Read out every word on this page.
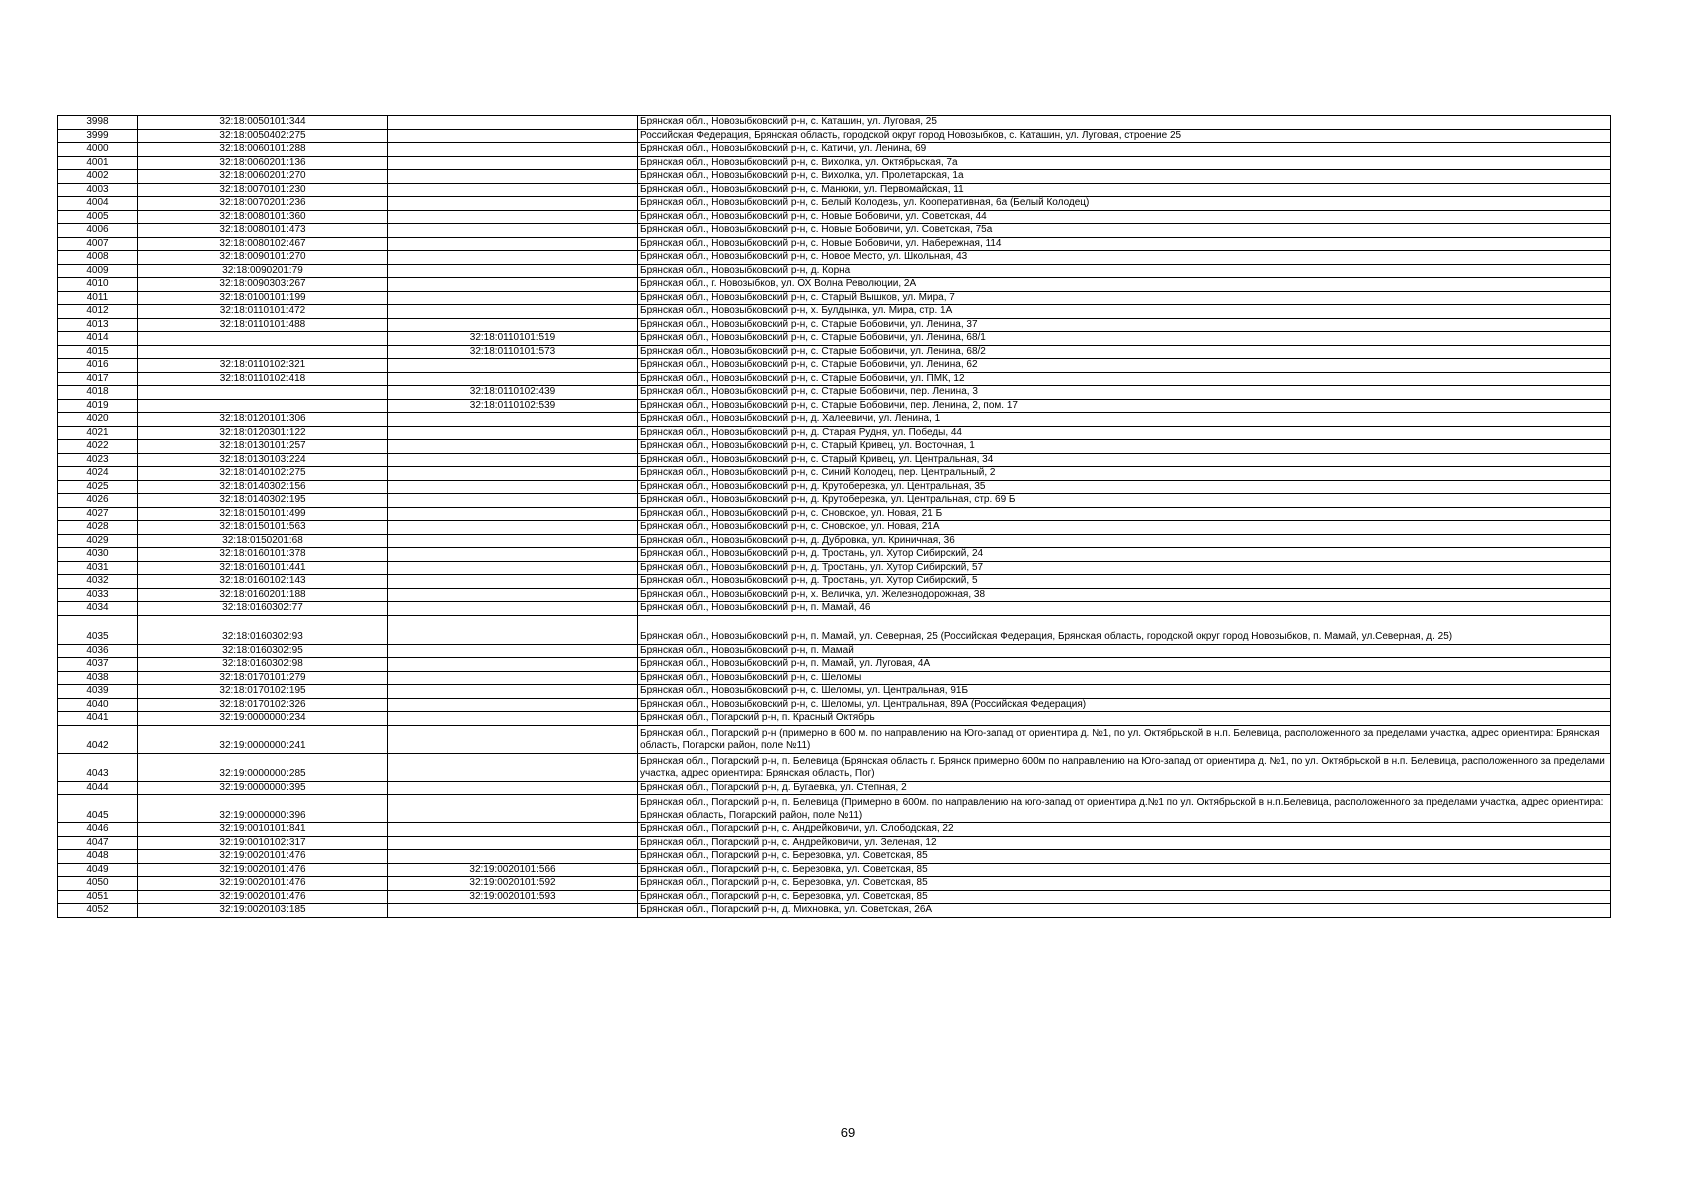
3998	32:18:0050101:344		Брянская обл., Новозыбковский р-н, с. Каташин, ул. Луговая, 25
3999	32:18:0050402:275		Российская Федерация, Брянская область, городской округ город Новозыбков, с. Каташин, ул. Луговая, строение 25
4000	32:18:0060101:288		Брянская обл., Новозыбковский р-н, с. Катичи, ул. Ленина, 69
4001	32:18:0060201:136		Брянская обл., Новозыбковский р-н, с. Вихолка, ул. Октябрьская, 7а
4002	32:18:0060201:270		Брянская обл., Новозыбковский р-н, с. Вихолка, ул. Пролетарская, 1а
4003	32:18:0070101:230		Брянская обл., Новозыбковский р-н, с. Манюки, ул. Первомайская, 11
4004	32:18:0070201:236		Брянская обл., Новозыбковский р-н, с. Белый Колодезь, ул. Кооперативная, 6а (Белый Колодец)
4005	32:18:0080101:360		Брянская обл., Новозыбковский р-н, с. Новые Бобовичи, ул. Советская, 44
4006	32:18:0080101:473		Брянская обл., Новозыбковский р-н, с. Новые Бобовичи, ул. Советская, 75а
4007	32:18:0080102:467		Брянская обл., Новозыбковский р-н, с. Новые Бобовичи, ул. Набережная, 114
4008	32:18:0090101:270		Брянская обл., Новозыбковский р-н, с. Новое Место, ул. Школьная, 43
4009	32:18:0090201:79		Брянская обл., Новозыбковский р-н, д. Корна
4010	32:18:0090303:267		Брянская обл., г. Новозыбков, ул. ОХ Волна Революции, 2А
4011	32:18:0100101:199		Брянская обл., Новозыбковский р-н, с. Старый Вышков, ул. Мира, 7
4012	32:18:0110101:472		Брянская обл., Новозыбковский р-н, х. Булдынка, ул. Мира, стр. 1А
4013	32:18:0110101:488		Брянская обл., Новозыбковский р-н, с. Старые Бобовичи, ул. Ленина, 37
4014		32:18:0110101:519	Брянская обл., Новозыбковский р-н, с. Старые Бобовичи, ул. Ленина, 68/1
4015		32:18:0110101:573	Брянская обл., Новозыбковский р-н, с. Старые Бобовичи, ул. Ленина, 68/2
4016	32:18:0110102:321		Брянская обл., Новозыбковский р-н, с. Старые Бобовичи, ул. Ленина, 62
4017	32:18:0110102:418		Брянская обл., Новозыбковский р-н, с. Старые Бобовичи, ул. ПМК, 12
4018		32:18:0110102:439	Брянская обл., Новозыбковский р-н, с. Старые Бобовичи, пер. Ленина, 3
4019		32:18:0110102:539	Брянская обл., Новозыбковский р-н, с. Старые Бобовичи, пер. Ленина, 2, пом. 17
4020	32:18:0120101:306		Брянская обл., Новозыбковский р-н, д. Халеевичи, ул. Ленина, 1
4021	32:18:0120301:122		Брянская обл., Новозыбковский р-н, д. Старая Рудня, ул. Победы, 44
4022	32:18:0130101:257		Брянская обл., Новозыбковский р-н, с. Старый Кривец, ул. Восточная, 1
4023	32:18:0130103:224		Брянская обл., Новозыбковский р-н, с. Старый Кривец, ул. Центральная, 34
4024	32:18:0140102:275		Брянская обл., Новозыбковский р-н, с. Синий Колодец, пер. Центральный, 2
4025	32:18:0140302:156		Брянская обл., Новозыбковский р-н, д. Крутоберезка, ул. Центральная, 35
4026	32:18:0140302:195		Брянская обл., Новозыбковский р-н, д. Крутоберезка, ул. Центральная, стр. 69 Б
4027	32:18:0150101:499		Брянская обл., Новозыбковский р-н, с. Сновское, ул. Новая, 21 Б
4028	32:18:0150101:563		Брянская обл., Новозыбковский р-н, с. Сновское, ул. Новая, 21А
4029	32:18:0150201:68		Брянская обл., Новозыбковский р-н, д. Дубровка, ул. Криничная, 36
4030	32:18:0160101:378		Брянская обл., Новозыбковский р-н, д. Тростань, ул. Хутор Сибирский, 24
4031	32:18:0160101:441		Брянская обл., Новозыбковский р-н, д. Тростань, ул. Хутор Сибирский, 57
4032	32:18:0160102:143		Брянская обл., Новозыбковский р-н, д. Тростань, ул. Хутор Сибирский, 5
4033	32:18:0160201:188		Брянская обл., Новозыбковский р-н, х. Величка, ул. Железнодорожная, 38
4034	32:18:0160302:77		Брянская обл., Новозыбковский р-н, п. Мамай, 46
4035	32:18:0160302:93		Брянская обл., Новозыбковский р-н, п. Мамай, ул. Северная, 25 (Российская Федерация, Брянская область, городской округ город Новозыбков, п. Мамай, ул.Северная, д. 25)
4036	32:18:0160302:95		Брянская обл., Новозыбковский р-н, п. Мамай
4037	32:18:0160302:98		Брянская обл., Новозыбковский р-н, п. Мамай, ул. Луговая, 4А
4038	32:18:0170101:279		Брянская обл., Новозыбковский р-н, с. Шеломы
4039	32:18:0170102:195		Брянская обл., Новозыбковский р-н, с. Шеломы, ул. Центральная, 91Б
4040	32:18:0170102:326		Брянская обл., Новозыбковский р-н, с. Шеломы, ул. Центральная, 89А (Российская Федерация)
4041	32:19:0000000:234		Брянская обл., Погарский р-н, п. Красный Октябрь
4042	32:19:0000000:241		Брянская обл., Погарский р-н (примерно в 600 м. по направлению на Юго-запад от ориентира д. №1, по ул. Октябрьской в н.п. Белевица, расположенного за пределами участка, адрес ориентира: Брянская область, Погарски район, поле №11)
4043	32:19:0000000:285		Брянская обл., Погарский р-н, п. Белевица (Брянская область г. Брянск примерно 600м по направлению на Юго-запад от ориентира д. №1, по ул. Октябрьской в н.п. Белевица, расположенного за пределами участка, адрес ориентира: Брянская область, Пог)
4044	32:19:0000000:395		Брянская обл., Погарский р-н, д. Бугаевка, ул. Степная, 2
4045	32:19:0000000:396		Брянская обл., Погарский р-н, п. Белевица (Примерно в 600м. по направлению на юго-запад от ориентира д.№1 по ул. Октябрьской в н.п.Белевица, расположенного за пределами участка, адрес ориентира: Брянская область, Погарский район, поле №11)
4046	32:19:0010101:841		Брянская обл., Погарский р-н, с. Андрейковичи, ул. Слободская, 22
4047	32:19:0010102:317		Брянская обл., Погарский р-н, с. Андрейковичи, ул. Зеленая, 12
4048	32:19:0020101:476		Брянская обл., Погарский р-н, с. Березовка, ул. Советская, 85
4049	32:19:0020101:476	32:19:0020101:566	Брянская обл., Погарский р-н, с. Березовка, ул. Советская, 85
4050	32:19:0020101:476	32:19:0020101:592	Брянская обл., Погарский р-н, с. Березовка, ул. Советская, 85
4051	32:19:0020101:476	32:19:0020101:593	Брянская обл., Погарский р-н, с. Березовка, ул. Советская, 85
4052	32:19:0020103:185		Брянская обл., Погарский р-н, д. Михновка, ул. Советская, 26А
69
